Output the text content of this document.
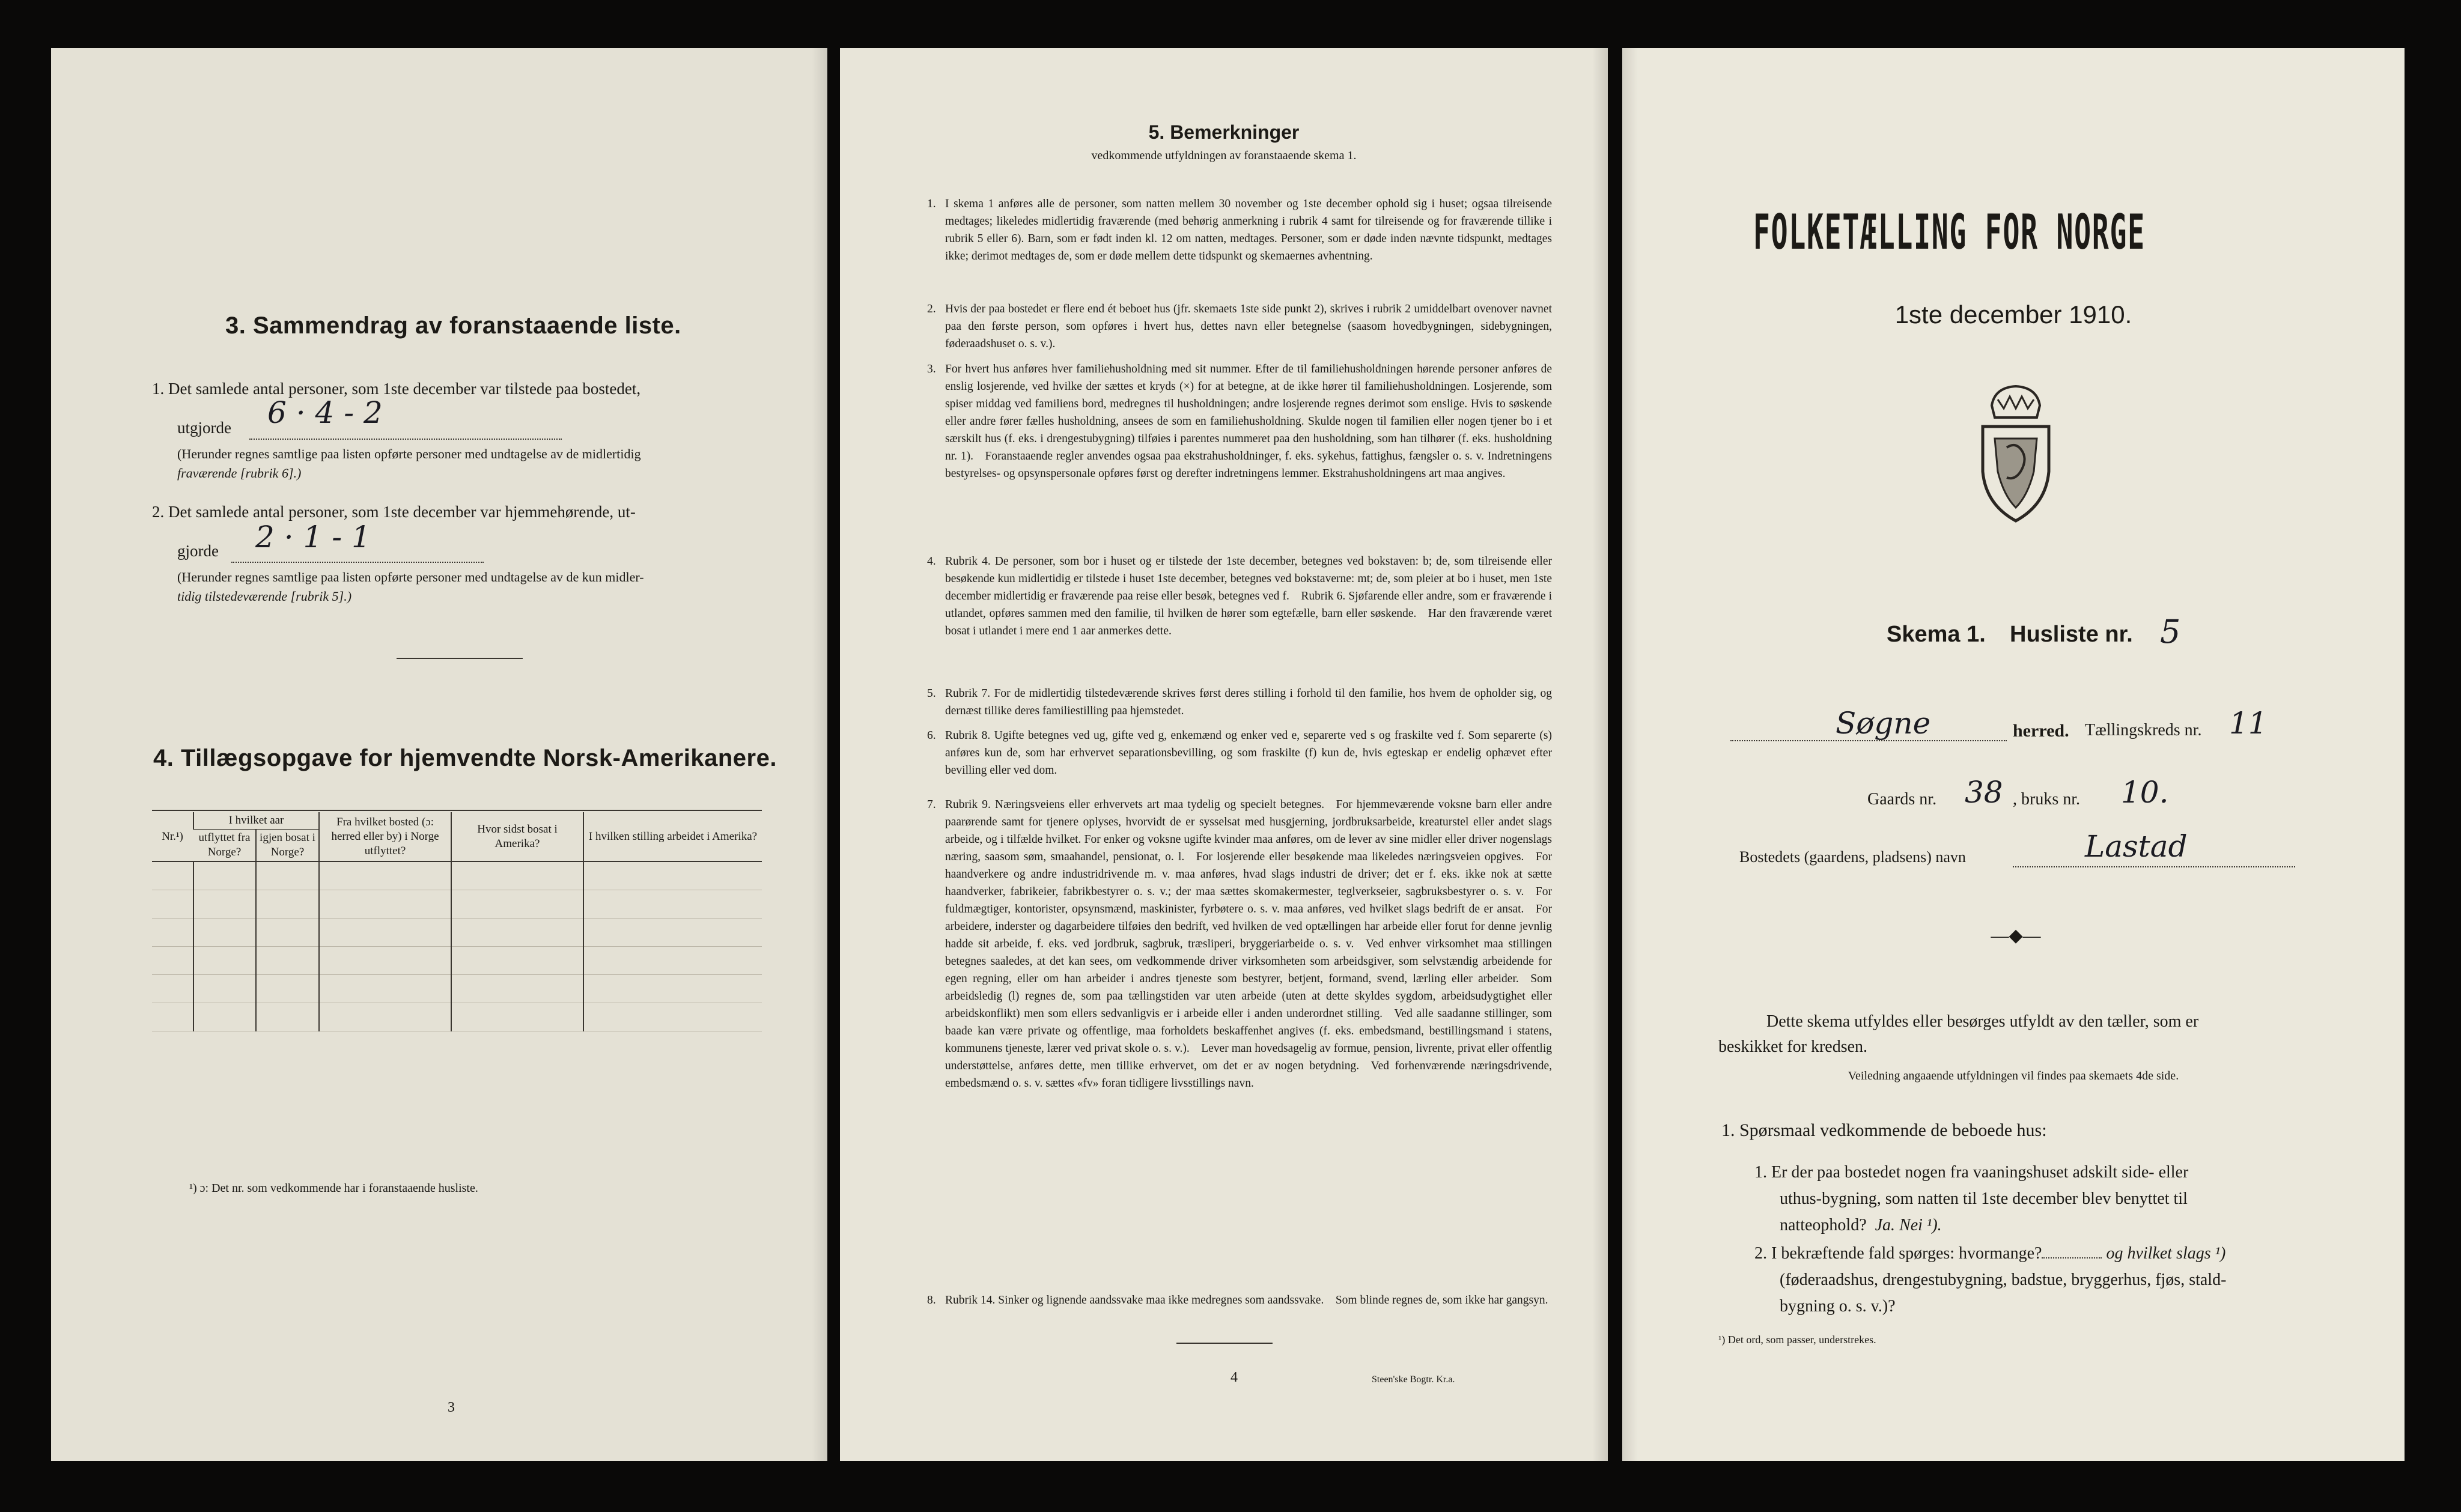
3. Sammendrag av foranstaaende liste.
1. Det samlede antal personer, som 1ste december var tilstede paa bostedet,
utgjorde 6 · 4 - 2
(Herunder regnes samtlige paa listen opførte personer med undtagelse av de midlertidig
fraværende [rubrik 6].)
2. Det samlede antal personer, som 1ste december var hjemmehørende, ut-
gjorde 2 · 1 - 1
(Herunder regnes samtlige paa listen opførte personer med undtagelse av de kun midler-
tidig tilstedeværende [rubrik 5].)
4. Tillægsopgave for hjemvendte Norsk-Amerikanere.
Nr.¹)	I hvilket aar		Fra hvilket bosted (ɔ: herred eller by) i Norge utflyttet?	Hvor sidst bosat i Amerika?	I hvilken stilling arbeidet i Amerika?
	utflyttet fra Norge?	igjen bosat i Norge?			

¹) ɔ: Det nr. som vedkommende har i foranstaaende husliste.
3
5. Bemerkninger
vedkommende utfyldningen av foranstaaende skema 1.
1. I skema 1 anføres alle de personer, som natten mellem 30 november og 1ste december ophold sig i huset; ogsaa tilreisende medtages; likeledes midlertidig fraværende (med behørig anmerkning i rubrik 4 samt for tilreisende og for fraværende tillike i rubrik 5 eller 6). Barn, som er født inden kl. 12 om natten, medtages. Personer, som er døde inden nævnte tidspunkt, medtages ikke; derimot medtages de, som er døde mellem dette tidspunkt og skemaernes avhentning.

2. Hvis der paa bostedet er flere end ét beboet hus (jfr. skemaets 1ste side punkt 2), skrives i rubrik 2 umiddelbart ovenover navnet paa den første person, som opføres i hvert hus, dettes navn eller betegnelse (saasom hovedbygningen, sidebygningen, føderaadshuset o. s. v.).

3. For hvert hus anføres hver familiehusholdning med sit nummer. Efter de til familiehusholdningen hørende personer anføres de enslig losjerende, ved hvilke der sættes et kryds (×) for at betegne, at de ikke hører til familiehusholdningen. Losjerende, som spiser middag ved familiens bord, medregnes til husholdningen; andre losjerende regnes derimot som enslige. Hvis to søskende eller andre fører fælles husholdning, ansees de som en familiehusholdning. Skulde nogen til familien eller nogen tjener bo i et særskilt hus (f. eks. i drengestubygning) tilføies i parentes nummeret paa den husholdning, som han tilhører (f. eks. husholdning nr. 1). Foranstaaende regler anvendes ogsaa paa ekstrahusholdninger, f. eks. sykehus, fattighus, fængsler o. s. v. Indretningens bestyrelses- og opsynspersonale opføres først og derefter indretningens lemmer. Ekstrahusholdningens art maa angives.

4. Rubrik 4. De personer, som bor i huset og er tilstede der 1ste december, betegnes ved bokstaven: b; de, som tilreisende eller besøkende kun midlertidig er tilstede i huset 1ste december, betegnes ved bokstaverne: mt; de, som pleier at bo i huset, men 1ste december midlertidig er fraværende paa reise eller besøk, betegnes ved f. Rubrik 6. Sjøfarende eller andre, som er fraværende i utlandet, opføres sammen med den familie, til hvilken de hører som egtefælle, barn eller søskende. Har den fraværende været bosat i utlandet i mere end 1 aar anmerkes dette.

5. Rubrik 7. For de midlertidig tilstedeværende skrives først deres stilling i forhold til den familie, hos hvem de opholder sig, og dernæst tillike deres familiestilling paa hjemstedet.

6. Rubrik 8. Ugifte betegnes ved ug, gifte ved g, enkemænd og enker ved e, separerte ved s og fraskilte ved f. Som separerte (s) anføres kun de, som har erhvervet separationsbevilling, og som fraskilte (f) kun de, hvis egteskap er endelig ophævet efter bevilling eller ved dom.

7. Rubrik 9. Næringsveiens eller erhvervets art maa tydelig og specielt betegnes. For hjemmeværende voksne barn eller andre paarørende samt for tjenere oplyses, hvorvidt de er sysselsat med husgjerning, jordbruksarbeide, kreaturstel eller andet slags arbeide, og i tilfælde hvilket. For enker og voksne ugifte kvinder maa anføres, om de lever av sine midler eller driver nogenslags næring, saasom søm, smaahandel, pensionat, o. l. For losjerende eller besøkende maa likeledes næringsveien opgives. For haandverkere og andre industridrivende m. v. maa anføres, hvad slags industri de driver; det er f. eks. ikke nok at sætte haandverker, fabrikeier, fabrikbestyrer o. s. v.; der maa sættes skomakermester, teglverkseier, sagbruksbestyrer o. s. v. For fuldmægtiger, kontorister, opsynsmænd, maskinister, fyrbøtere o. s. v. maa anføres, ved hvilket slags bedrift de er ansat. For arbeidere, inderster og dagarbeidere tilføies den bedrift, ved hvilken de ved optællingen har arbeide eller forut for denne jevnlig hadde sit arbeide, f. eks. ved jordbruk, sagbruk, træsliperi, bryggeriarbeide o. s. v. Ved enhver virksomhet maa stillingen betegnes saaledes, at det kan sees, om vedkommende driver virksomheten som arbeidsgiver, som selvstændig arbeidende for egen regning, eller om han arbeider i andres tjeneste som bestyrer, betjent, formand, svend, lærling eller arbeider. Som arbeidsledig (l) regnes de, som paa tællingstiden var uten arbeide (uten at dette skyldes sygdom, arbeidsudygtighet eller arbeidskonflikt) men som ellers sedvanligvis er i arbeide eller i anden underordnet stilling. Ved alle saadanne stillinger, som baade kan være private og offentlige, maa forholdets beskaffenhet angives (f. eks. embedsmand, bestillingsmand i statens, kommunens tjeneste, lærer ved privat skole o. s. v.). Lever man hovedsagelig av formue, pension, livrente, privat eller offentlig understøttelse, anføres dette, men tillike erhvervet, om det er av nogen betydning. Ved forhenværende næringsdrivende, embedsmænd o. s. v. sættes «fv» foran tidligere livsstillings navn.

8. Rubrik 14. Sinker og lignende aandssvake maa ikke medregnes som aandssvake. Som blinde regnes de, som ikke har gangsyn.

4	Steen'ske Bogtr. Kr.a.
FOLKETÆLLING FOR NORGE
1ste december 1910.
Skema 1. Husliste nr. 5
Søgne	herred. Tællingskreds nr. 11
Gaards nr. 38 , bruks nr. 10.
Bostedets (gaardens, pladsens) navn	Lastad
—◆—
Dette skema utfyldes eller besørges utfyldt av den tæller, som er
beskikket for kredsen.
Veiledning angaaende utfyldningen vil findes paa skemaets 4de side.
1. Spørsmaal vedkommende de beboede hus:
1. Er der paa bostedet nogen fra vaaningshuset adskilt side- eller
uthus-bygning, som natten til 1ste december blev benyttet til
natteophold? Ja. Nei ¹).
2. I bekræftende fald spørges: hvormange?	og hvilket slags ¹)
(føderaadshus, drengestubygning, badstue, bryggerhus, fjøs, stald-
bygning o. s. v.)?
¹) Det ord, som passer, understrekes.
